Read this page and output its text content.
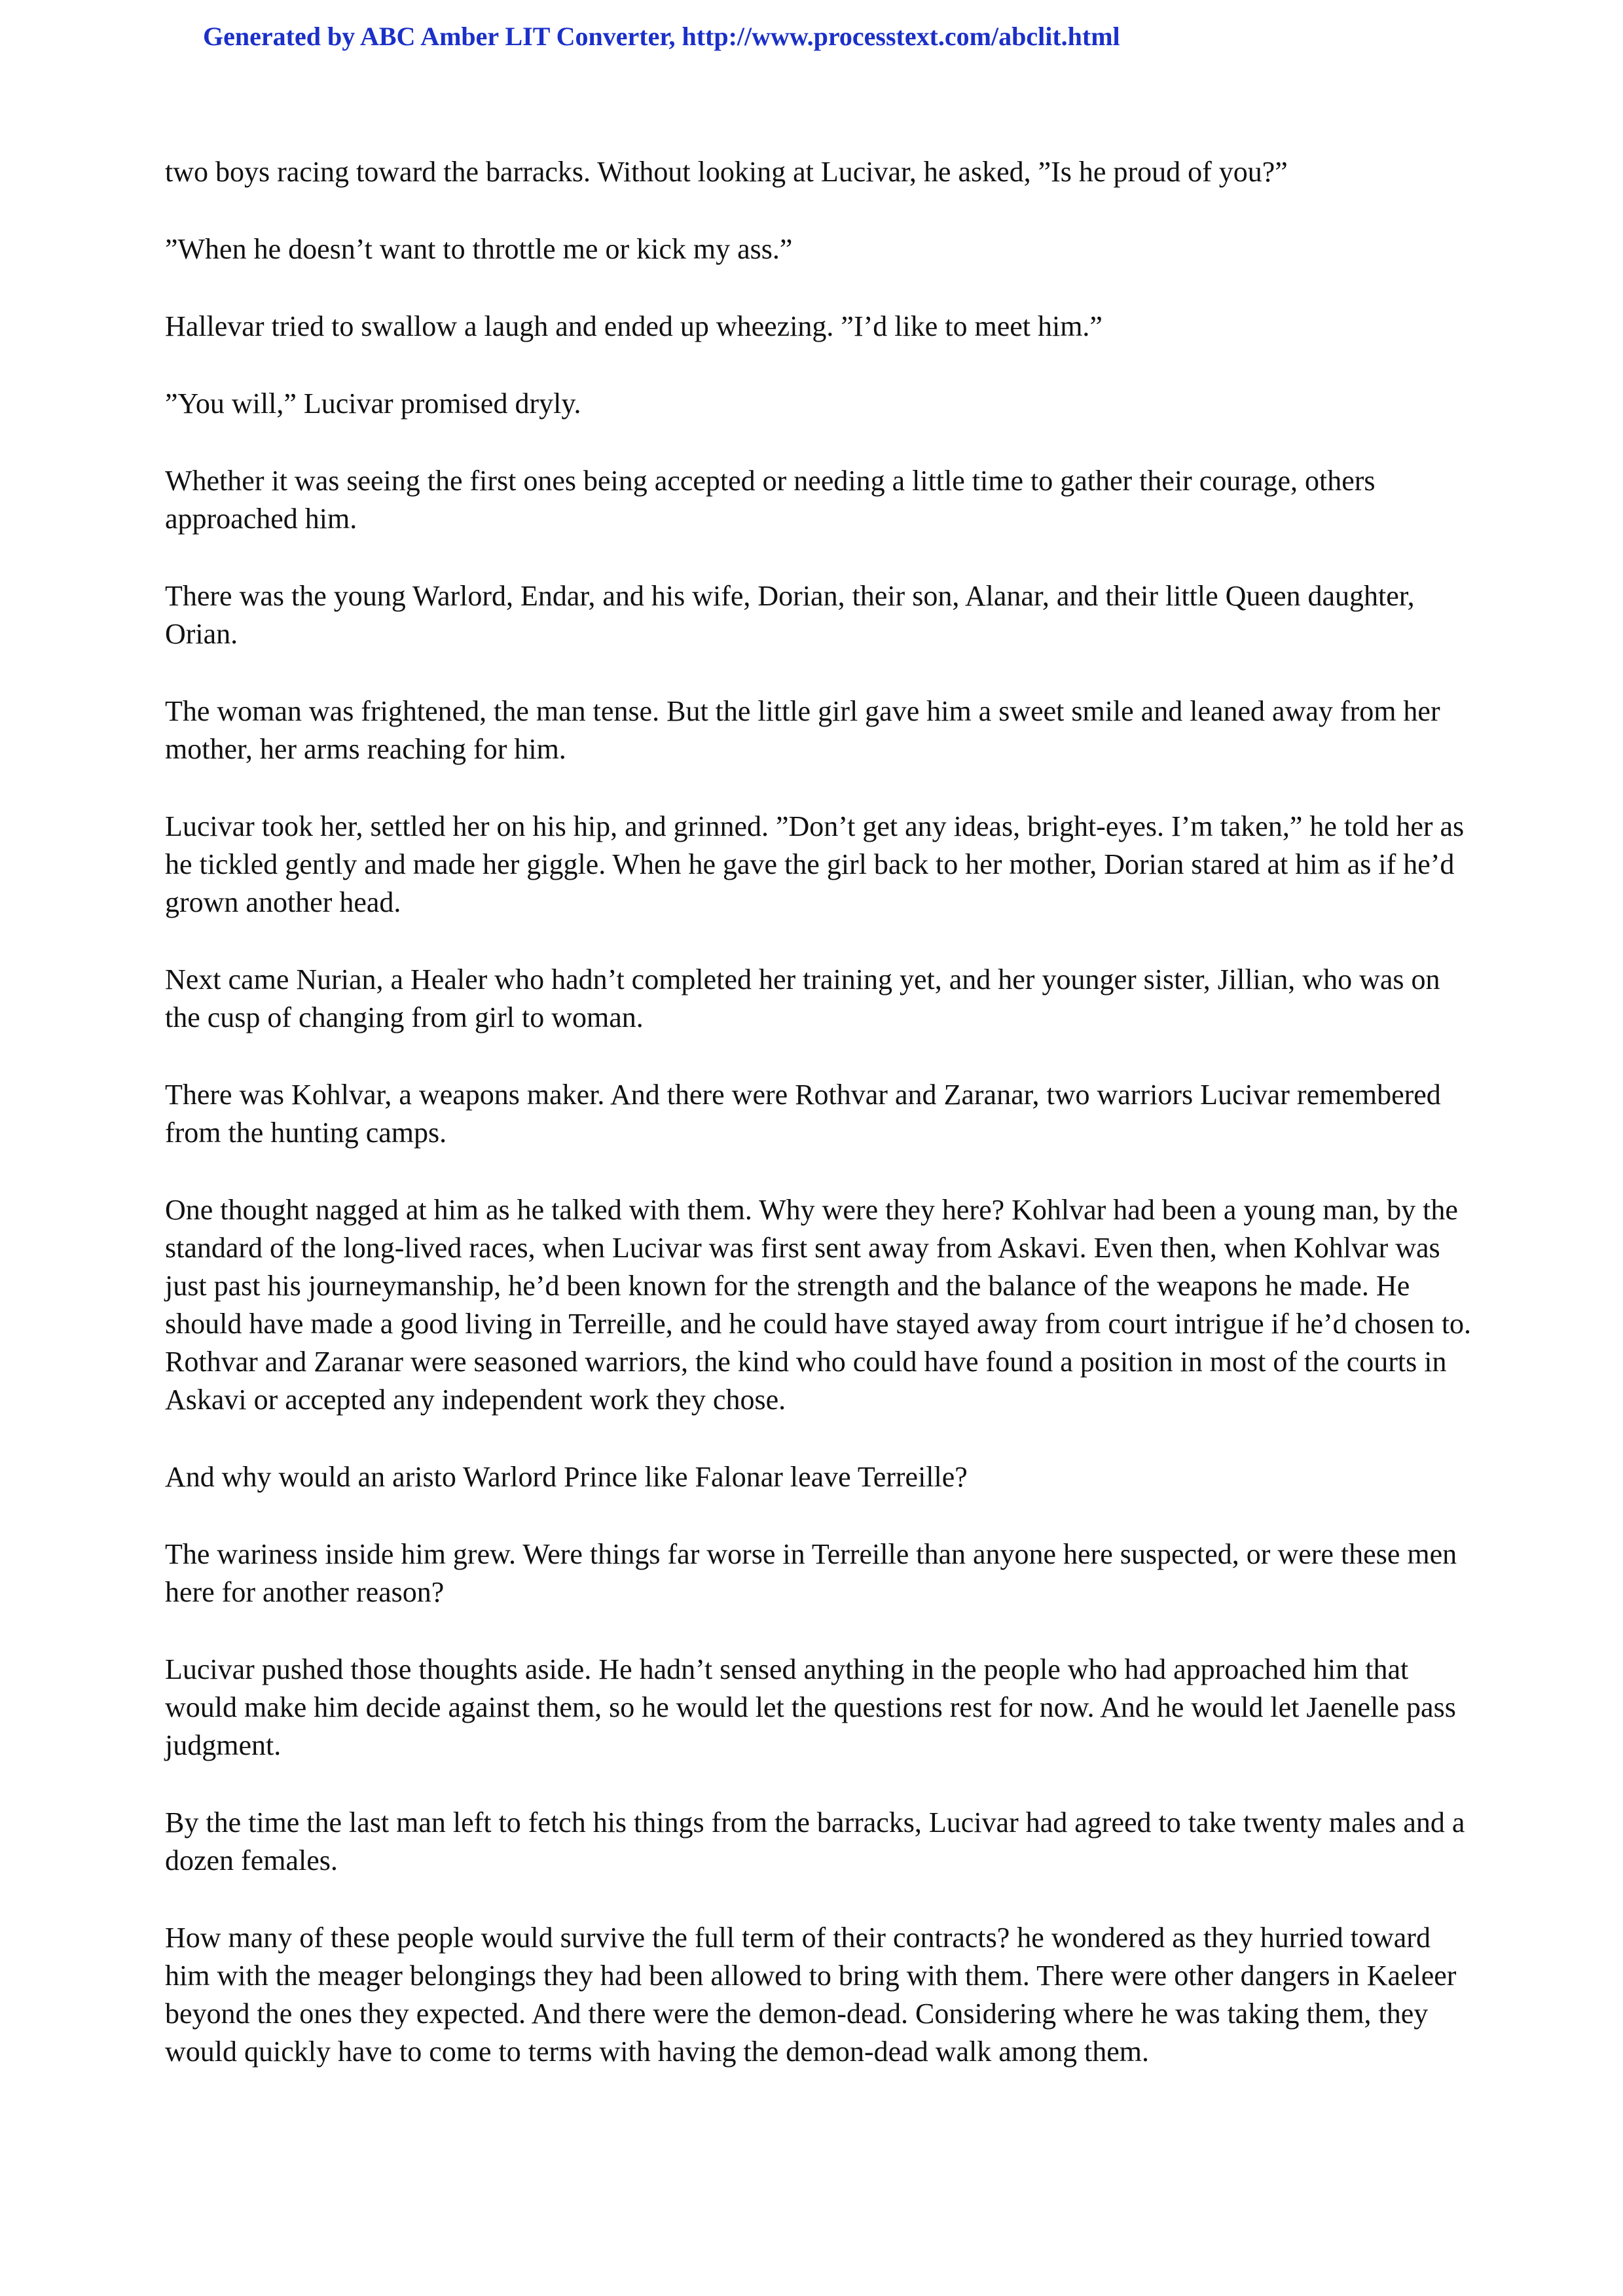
Generated by ABC Amber LIT Converter, http://www.processtext.com/abclit.html

two boys racing toward the barracks. Without looking at Lucivar, he asked, ”Is he proud of you?”

”When he doesn’t want to throttle me or kick my ass.”

Hallevar tried to swallow a laugh and ended up wheezing. ”I’d like to meet him.”

”You will,” Lucivar promised dryly.

Whether it was seeing the first ones being accepted or needing a little time to gather their courage, others approached him.

There was the young Warlord, Endar, and his wife, Dorian, their son, Alanar, and their little Queen daughter, Orian.

The woman was frightened, the man tense. But the little girl gave him a sweet smile and leaned away from her mother, her arms reaching for him.

Lucivar took her, settled her on his hip, and grinned. ”Don’t get any ideas, bright-eyes. I’m taken,” he told her as he tickled gently and made her giggle. When he gave the girl back to her mother, Dorian stared at him as if he’d grown another head.

Next came Nurian, a Healer who hadn’t completed her training yet, and her younger sister, Jillian, who was on the cusp of changing from girl to woman.

There was Kohlvar, a weapons maker. And there were Rothvar and Zaranar, two warriors Lucivar remembered from the hunting camps.

One thought nagged at him as he talked with them. Why were they here? Kohlvar had been a young man, by the standard of the long-lived races, when Lucivar was first sent away from Askavi. Even then, when Kohlvar was just past his journeymanship, he’d been known for the strength and the balance of the weapons he made. He should have made a good living in Terreille, and he could have stayed away from court intrigue if he’d chosen to. Rothvar and Zaranar were seasoned warriors, the kind who could have found a position in most of the courts in Askavi or accepted any independent work they chose.

And why would an aristo Warlord Prince like Falonar leave Terreille?

The wariness inside him grew. Were things far worse in Terreille than anyone here suspected, or were these men here for another reason?

Lucivar pushed those thoughts aside. He hadn’t sensed anything in the people who had approached him that would make him decide against them, so he would let the questions rest for now. And he would let Jaenelle pass judgment.

By the time the last man left to fetch his things from the barracks, Lucivar had agreed to take twenty males and a dozen females.

How many of these people would survive the full term of their contracts? he wondered as they hurried toward him with the meager belongings they had been allowed to bring with them. There were other dangers in Kaeleer beyond the ones they expected. And there were the demon-dead. Considering where he was taking them, they would quickly have to come to terms with having the demon-dead walk among them.
